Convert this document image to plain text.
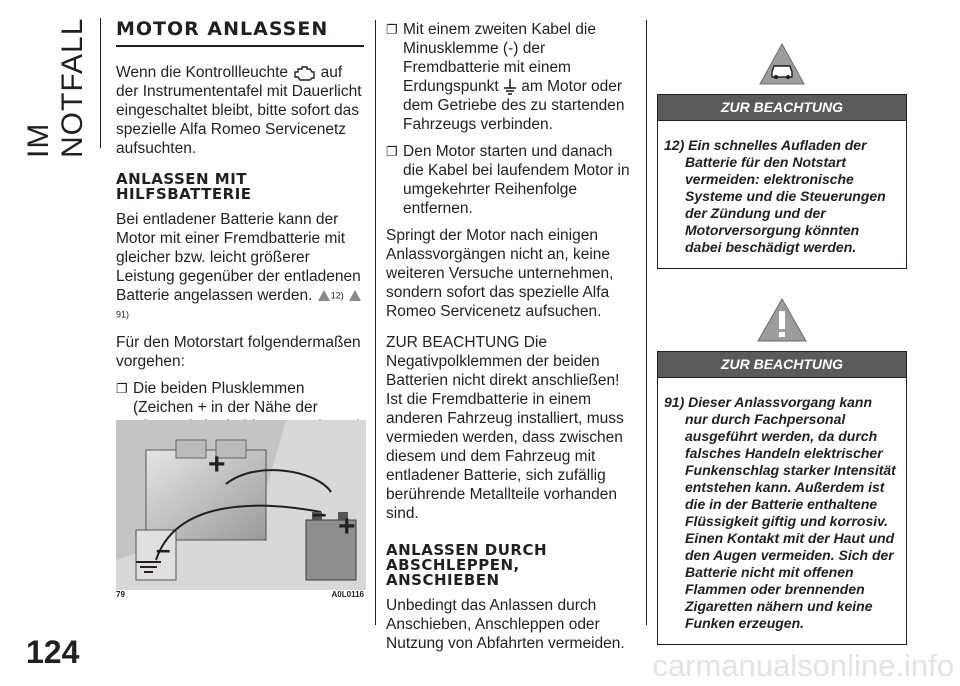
IM NOTFALL
124
MOTOR ANLASSEN

Wenn die Kontrollleuchte auf der Instrumententafel mit Dauerlicht eingeschaltet bleibt, bitte sofort das spezielle Alfa Romeo Servicenetz aufsuchten.

ANLASSEN MIT HILFSBATTERIE

Bei entladener Batterie kann der Motor mit einer Fremdbatterie mit gleicher bzw. leicht größerer Leistung gegenüber der entladenen Batterie angelassen werden. 12) 91)

Für den Motorstart folgendermaßen vorgehen:

❐ Die beiden Plusklemmen (Zeichen + in der Nähe der
+
+
–
–
79	A0L0116
❐ Mit einem zweiten Kabel die Minusklemme (-) der Fremdbatterie mit einem Erdungspunkt am Motor oder dem Getriebe des zu startenden Fahrzeugs verbinden.
❐ Den Motor starten und danach die Kabel bei laufendem Motor in umgekehrter Reihenfolge entfernen.

Springt der Motor nach einigen Anlassvorgängen nicht an, keine weiteren Versuche unternehmen, sondern sofort das spezielle Alfa Romeo Servicenetz aufsuchen.

ZUR BEACHTUNG Die Negativpolklemmen der beiden Batterien nicht direkt anschließen! Ist die Fremdbatterie in einem anderen Fahrzeug installiert, muss vermieden werden, dass zwischen diesem und dem Fahrzeug mit entladener Batterie, sich zufällig berührende Metallteile vorhanden sind.

ANLASSEN DURCH ABSCHLEPPEN, ANSCHIEBEN

Unbedingt das Anlassen durch Anschieben, Anschleppen oder Nutzung von Abfahrten vermeiden.

ZUR BEACHTUNG

12) Ein schnelles Aufladen der Batterie für den Notstart vermeiden: elektronische Systeme und die Steuerungen der Zündung und der Motorversorgung könnten dabei beschädigt werden.

ZUR BEACHTUNG

91) Dieser Anlassvorgang kann nur durch Fachpersonal ausgeführt werden, da durch falsches Handeln elektrischer Funkenschlag starker Intensität entstehen kann. Außerdem ist die in der Batterie enthaltene Flüssigkeit giftig und korrosiv. Einen Kontakt mit der Haut und den Augen vermeiden. Sich der Batterie nicht mit offenen Flammen oder brennenden Zigaretten nähern und keine Funken erzeugen.

carmanualsonline.info
